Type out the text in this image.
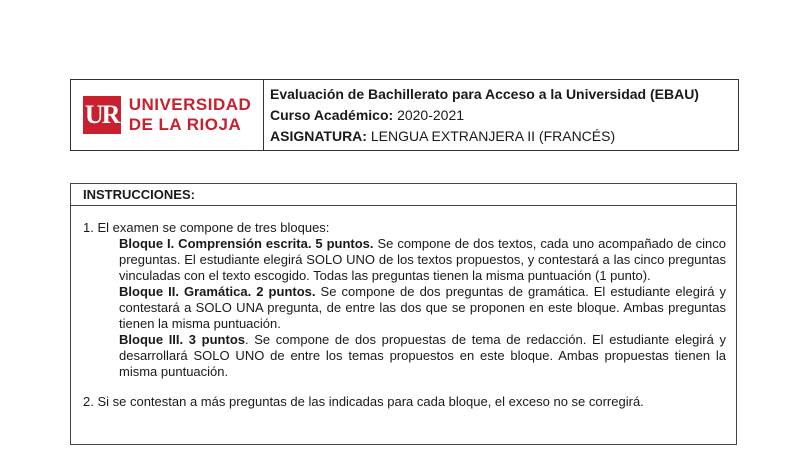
UR UNIVERSIDAD
DE LA RIOJA
Evaluación de Bachillerato para Acceso a la Universidad (EBAU)
Curso Académico: 2020-2021
ASIGNATURA: LENGUA EXTRANJERA II (FRANCÉS)
INSTRUCCIONES:
1. El examen se compone de tres bloques:
Bloque I. Comprensión escrita. 5 puntos. Se compone de dos textos, cada uno acompañado de cinco preguntas. El estudiante elegirá SOLO UNO de los textos propuestos, y contestará a las cinco preguntas vinculadas con el texto escogido. Todas las preguntas tienen la misma puntuación (1 punto).
Bloque II. Gramática. 2 puntos. Se compone de dos preguntas de gramática. El estudiante elegirá y contestará a SOLO UNA pregunta, de entre las dos que se proponen en este bloque. Ambas preguntas tienen la misma puntuación.
Bloque III. 3 puntos. Se compone de dos propuestas de tema de redacción. El estudiante elegirá y desarrollará SOLO UNO de entre los temas propuestos en este bloque. Ambas propuestas tienen la misma puntuación.
2. Si se contestan a más preguntas de las indicadas para cada bloque, el exceso no se corregirá.
